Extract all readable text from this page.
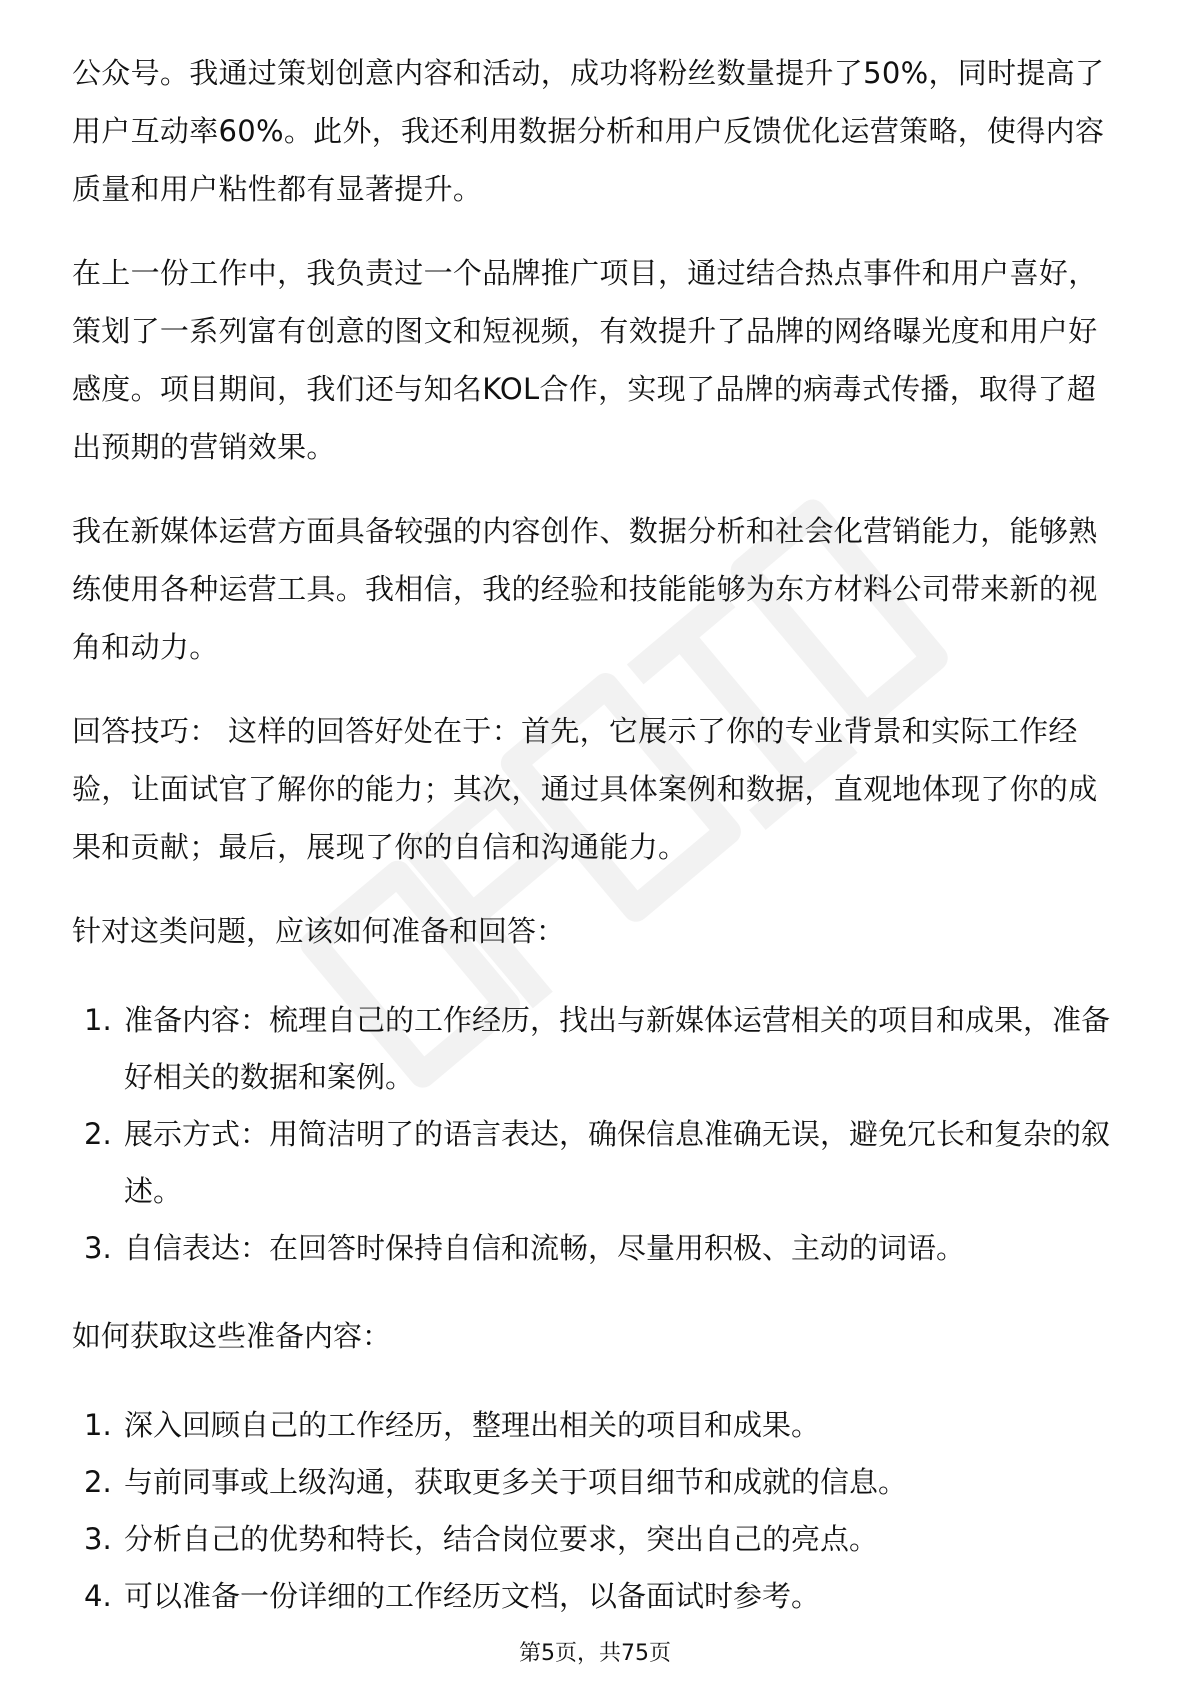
公众号。我通过策划创意内容和活动，成功将粉丝数量提升了50%，同时提高了用户互动率60%。此外，我还利用数据分析和用户反馈优化运营策略，使得内容质量和用户粘性都有显著提升。

在上一份工作中，我负责过一个品牌推广项目，通过结合热点事件和用户喜好，策划了一系列富有创意的图文和短视频，有效提升了品牌的网络曝光度和用户好感度。项目期间，我们还与知名KOL合作，实现了品牌的病毒式传播，取得了超出预期的营销效果。

我在新媒体运营方面具备较强的内容创作、数据分析和社会化营销能力，能够熟练使用各种运营工具。我相信，我的经验和技能能够为东方材料公司带来新的视角和动力。

回答技巧： 这样的回答好处在于：首先，它展示了你的专业背景和实际工作经验，让面试官了解你的能力；其次，通过具体案例和数据，直观地体现了你的成果和贡献；最后，展现了你的自信和沟通能力。

针对这类问题，应该如何准备和回答：

1. 准备内容：梳理自己的工作经历，找出与新媒体运营相关的项目和成果，准备好相关的数据和案例。
2. 展示方式：用简洁明了的语言表达，确保信息准确无误，避免冗长和复杂的叙述。
3. 自信表达：在回答时保持自信和流畅，尽量用积极、主动的词语。

如何获取这些准备内容：

1. 深入回顾自己的工作经历，整理出相关的项目和成果。
2. 与前同事或上级沟通，获取更多关于项目细节和成就的信息。
3. 分析自己的优势和特长，结合岗位要求，突出自己的亮点。
4. 可以准备一份详细的工作经历文档，以备面试时参考。
第5页，共75页
